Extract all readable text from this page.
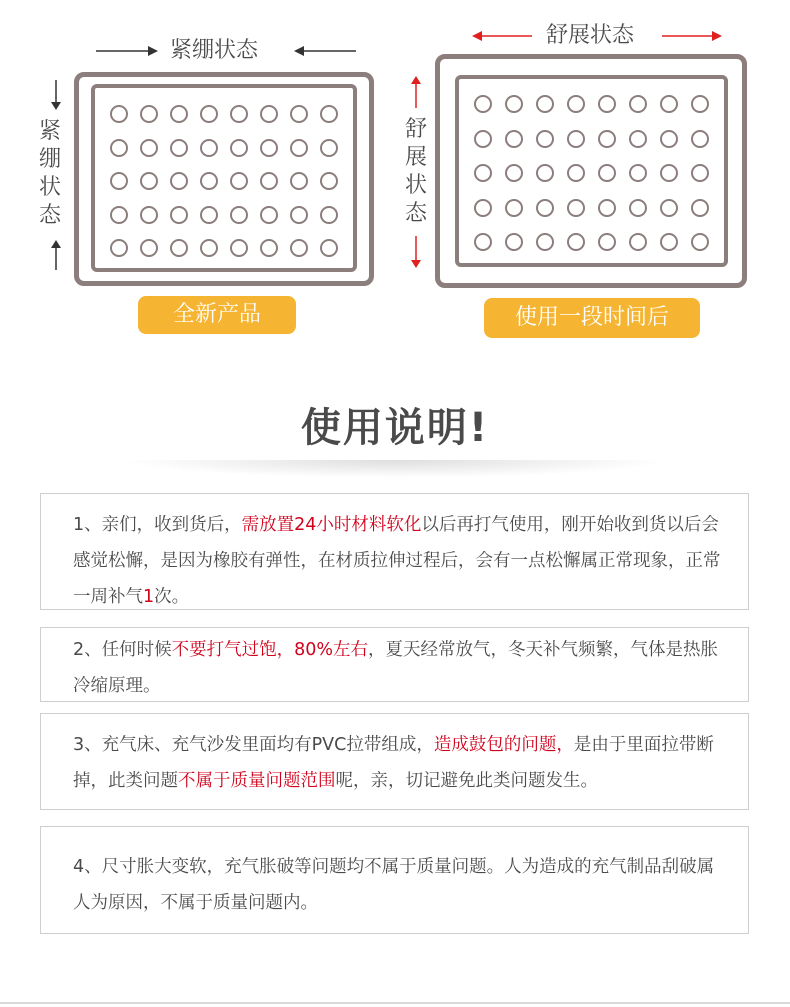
紧绷状态
紧绷状态
全新产品
舒展状态
舒展状态
使用一段时间后
使用说明!
1、亲们，收到货后，需放置24小时材料软化以后再打气使用，刚开始收到货以后会感觉松懈，是因为橡胶有弹性，在材质拉伸过程后，会有一点松懈属正常现象，正常一周补气1次。
2、任何时候不要打气过饱，80%左右，夏天经常放气，冬天补气频繁，气体是热胀冷缩原理。
3、充气床、充气沙发里面均有PVC拉带组成，造成鼓包的问题，是由于里面拉带断掉，此类问题不属于质量问题范围呢，亲，切记避免此类问题发生。
4、尺寸胀大变软，充气胀破等问题均不属于质量问题。人为造成的充气制品刮破属人为原因，不属于质量问题内。
